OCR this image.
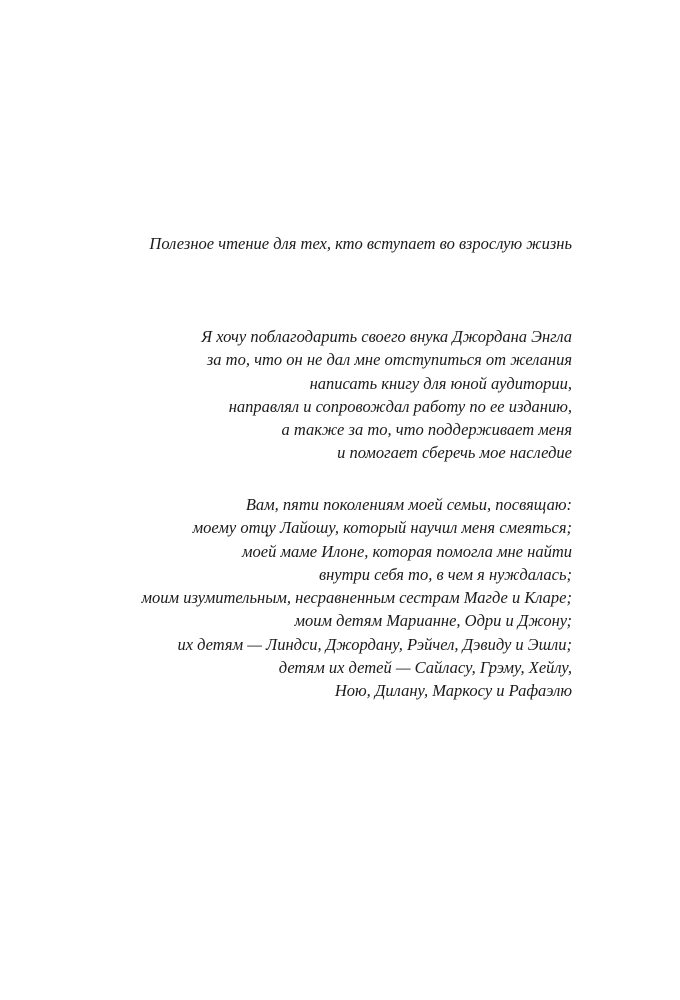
Полезное чтение для тех, кто вступает во взрослую жизнь
Я хочу поблагодарить своего внука Джордана Энгла
за то, что он не дал мне отступиться от желания
написать книгу для юной аудитории,
направлял и сопровождал работу по ее изданию,
а также за то, что поддерживает меня
и помогает сберечь мое наследие
Вам, пяти поколениям моей семьи, посвящаю:
моему отцу Лайошу, который научил меня смеяться;
моей маме Илоне, которая помогла мне найти
внутри себя то, в чем я нуждалась;
моим изумительным, несравненным сестрам Магде и Кларе;
моим детям Марианне, Одри и Джону;
их детям — Линдси, Джордану, Рэйчел, Дэвиду и Эшли;
детям их детей — Сайласу, Грэму, Хейлу,
Ною, Дилану, Маркосу и Рафаэлю
